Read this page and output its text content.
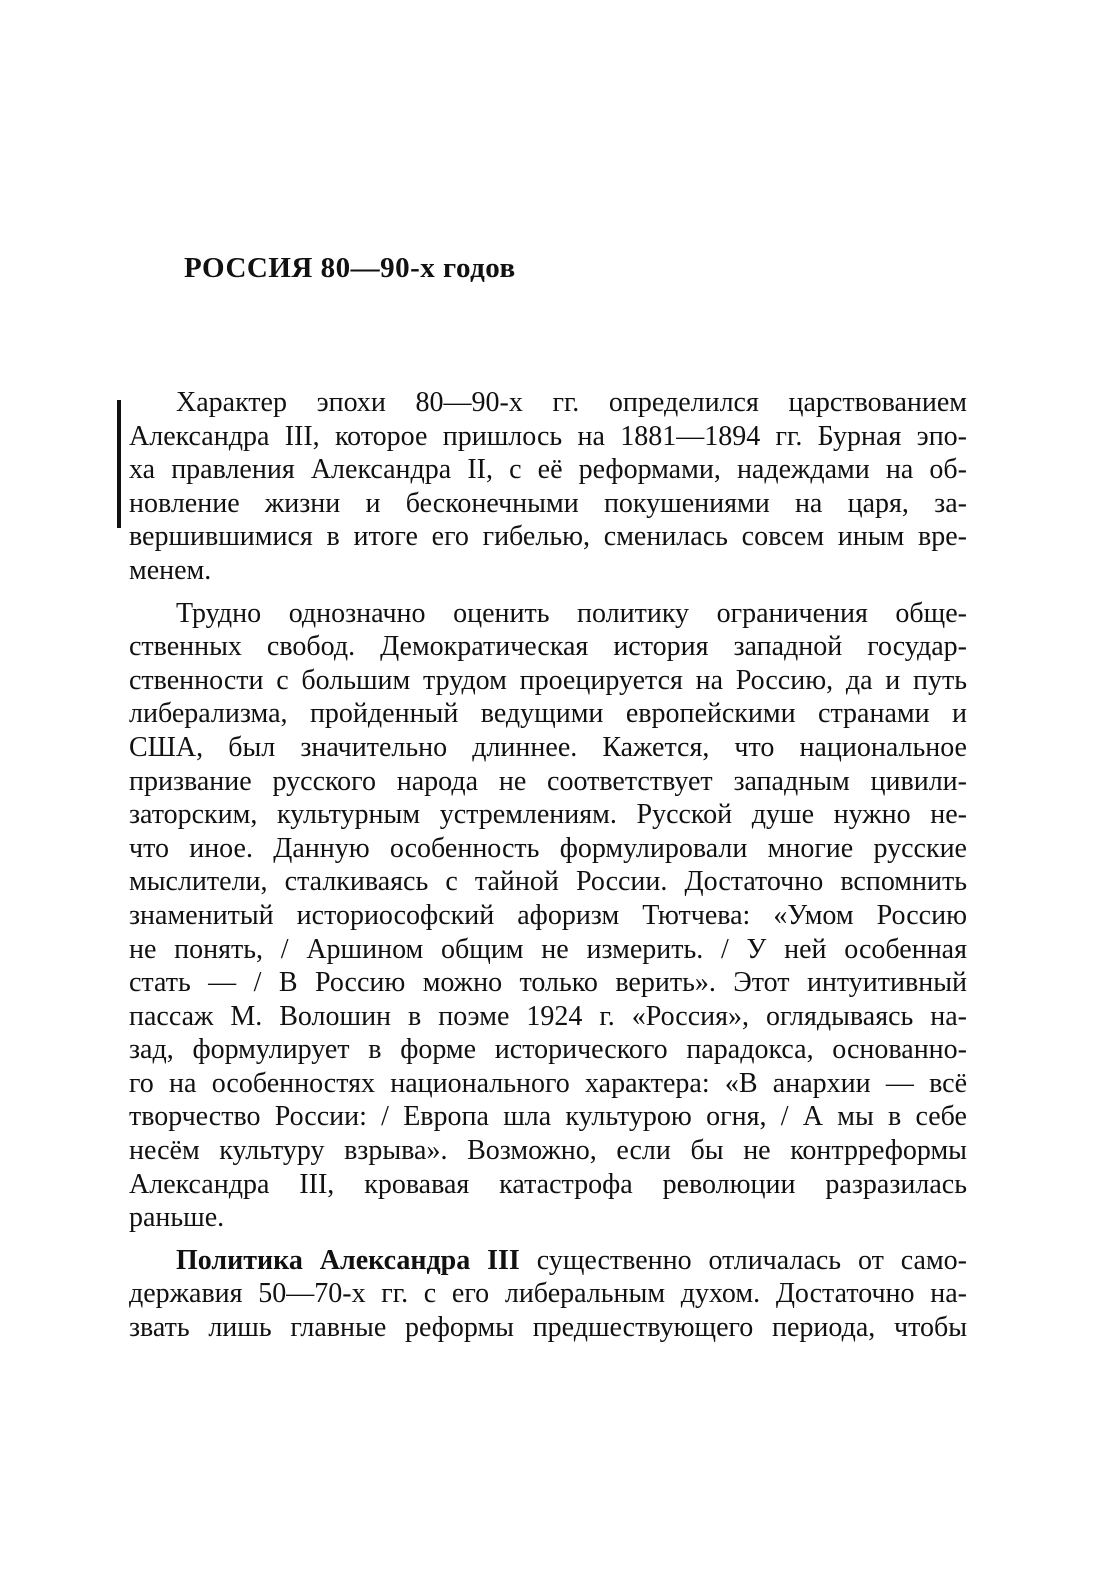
РОССИЯ 80—90-х годов
Характер эпохи 80—90-х гг. определился царствованием
Александра III, которое пришлось на 1881—1894 гг. Бурная эпо-
ха правления Александра II, с её реформами, надеждами на об-
новление жизни и бесконечными покушениями на царя, за-
вершившимися в итоге его гибелью, сменилась совсем иным вре-
менем.
Трудно однозначно оценить политику ограничения обще-
ственных свобод. Демократическая история западной государ-
ственности с большим трудом проецируется на Россию, да и путь
либерализма, пройденный ведущими европейскими странами и
США, был значительно длиннее. Кажется, что национальное
призвание русского народа не соответствует западным цивили-
заторским, культурным устремлениям. Русской душе нужно не-
что иное. Данную особенность формулировали многие русские
мыслители, сталкиваясь с тайной России. Достаточно вспомнить
знаменитый историософский афоризм Тютчева: «Умом Россию
не понять, / Аршином общим не измерить. / У ней особенная
стать — / В Россию можно только верить». Этот интуитивный
пассаж М. Волошин в поэме 1924 г. «Россия», оглядываясь на-
зад, формулирует в форме исторического парадокса, основанно-
го на особенностях национального характера: «В анархии — всё
творчество России: / Европа шла культурою огня, / А мы в себе
несём культуру взрыва». Возможно, если бы не контрреформы
Александра III, кровавая катастрофа революции разразилась
раньше.
Политика Александра III существенно отличалась от само-
державия 50—70-х гг. с его либеральным духом. Достаточно на-
звать лишь главные реформы предшествующего периода, чтобы
